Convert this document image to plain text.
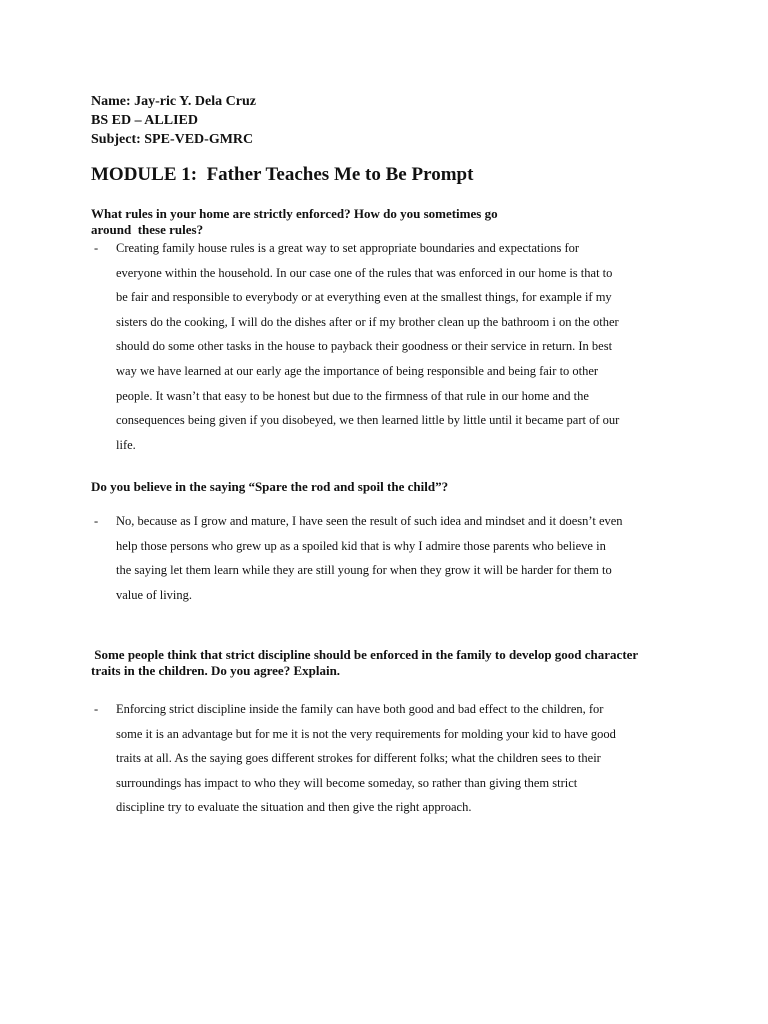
Name: Jay-ric Y. Dela Cruz
BS ED – ALLIED
Subject: SPE-VED-GMRC
MODULE 1:  Father Teaches Me to Be Prompt
What rules in your home are strictly enforced? How do you sometimes go
around  these rules?
- Creating family house rules is a great way to set appropriate boundaries and expectations for
everyone within the household. In our case one of the rules that was enforced in our home is that to
be fair and responsible to everybody or at everything even at the smallest things, for example if my
sisters do the cooking, I will do the dishes after or if my brother clean up the bathroom i on the other
should do some other tasks in the house to payback their goodness or their service in return. In best
way we have learned at our early age the importance of being responsible and being fair to other
people. It wasn’t that easy to be honest but due to the firmness of that rule in our home and the
consequences being given if you disobeyed, we then learned little by little until it became part of our
life.
Do you believe in the saying “Spare the rod and spoil the child”?
- No, because as I grow and mature, I have seen the result of such idea and mindset and it doesn’t even
help those persons who grew up as a spoiled kid that is why I admire those parents who believe in
the saying let them learn while they are still young for when they grow it will be harder for them to
value of living.
Some people think that strict discipline should be enforced in the family to develop good character
traits in the children. Do you agree? Explain.
- Enforcing strict discipline inside the family can have both good and bad effect to the children, for
some it is an advantage but for me it is not the very requirements for molding your kid to have good
traits at all. As the saying goes different strokes for different folks; what the children sees to their
surroundings has impact to who they will become someday, so rather than giving them strict
discipline try to evaluate the situation and then give the right approach.
